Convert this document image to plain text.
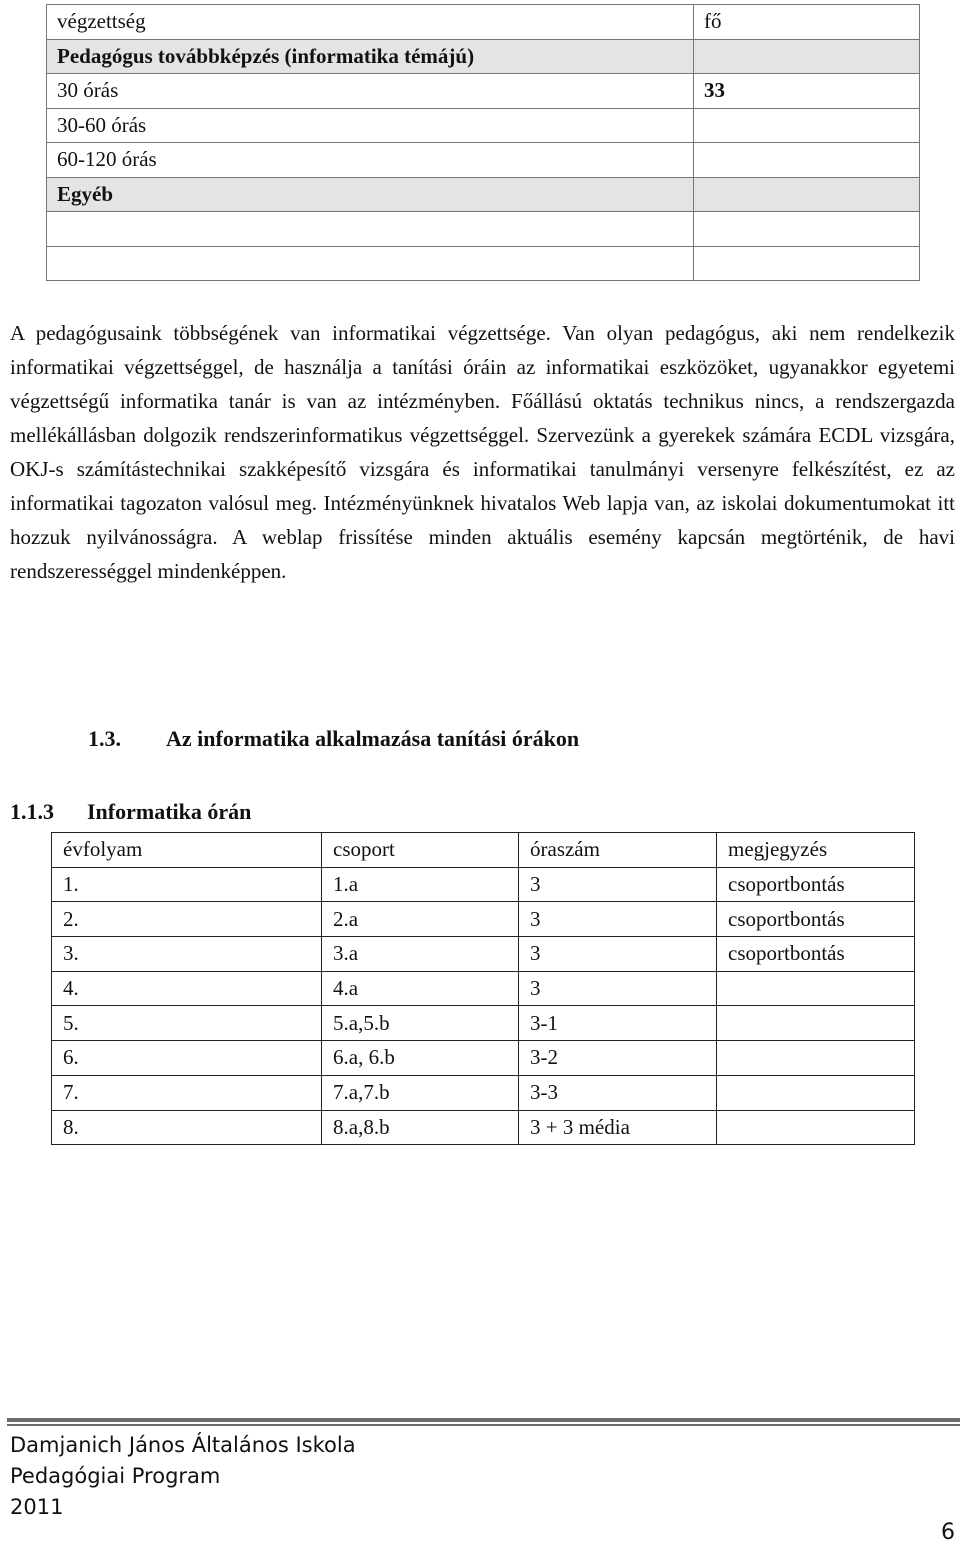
végzettség	fő
Pedagógus továbbképzés (informatika témájú)	
30 órás	33
30-60 órás	
60-120 órás	
Egyéb	

A pedagógusaink többségének van informatikai végzettsége. Van olyan pedagógus, aki nem rendelkezik informatikai végzettséggel, de használja a tanítási óráin az informatikai eszközöket, ugyanakkor egyetemi végzettségű informatika tanár is van az intézményben. Főállású oktatás technikus nincs, a rendszergazda mellékállásban dolgozik rendszerinformatikus végzettséggel. Szervezünk a gyerekek számára ECDL vizsgára, OKJ-s számítástechnikai szakképesítő vizsgára és informatikai tanulmányi versenyre felkészítést, ez az informatikai tagozaton valósul meg. Intézményünknek hivatalos Web lapja van, az iskolai dokumentumokat itt hozzuk nyilvánosságra. A weblap frissítése minden aktuális esemény kapcsán megtörténik, de havi rendszerességgel mindenképpen.

1.3. Az informatika alkalmazása tanítási órákon

1.1.3 Informatika órán

évfolyam	csoport	óraszám	megjegyzés
1.	1.a	3	csoportbontás
2.	2.a	3	csoportbontás
3.	3.a	3	csoportbontás
4.	4.a	3	
5.	5.a,5.b	3-1	
6.	6.a, 6.b	3-2	
7.	7.a,7.b	3-3	
8.	8.a,8.b	3 + 3 média	
Damjanich János Általános Iskola
Pedagógiai Program
2011
6
